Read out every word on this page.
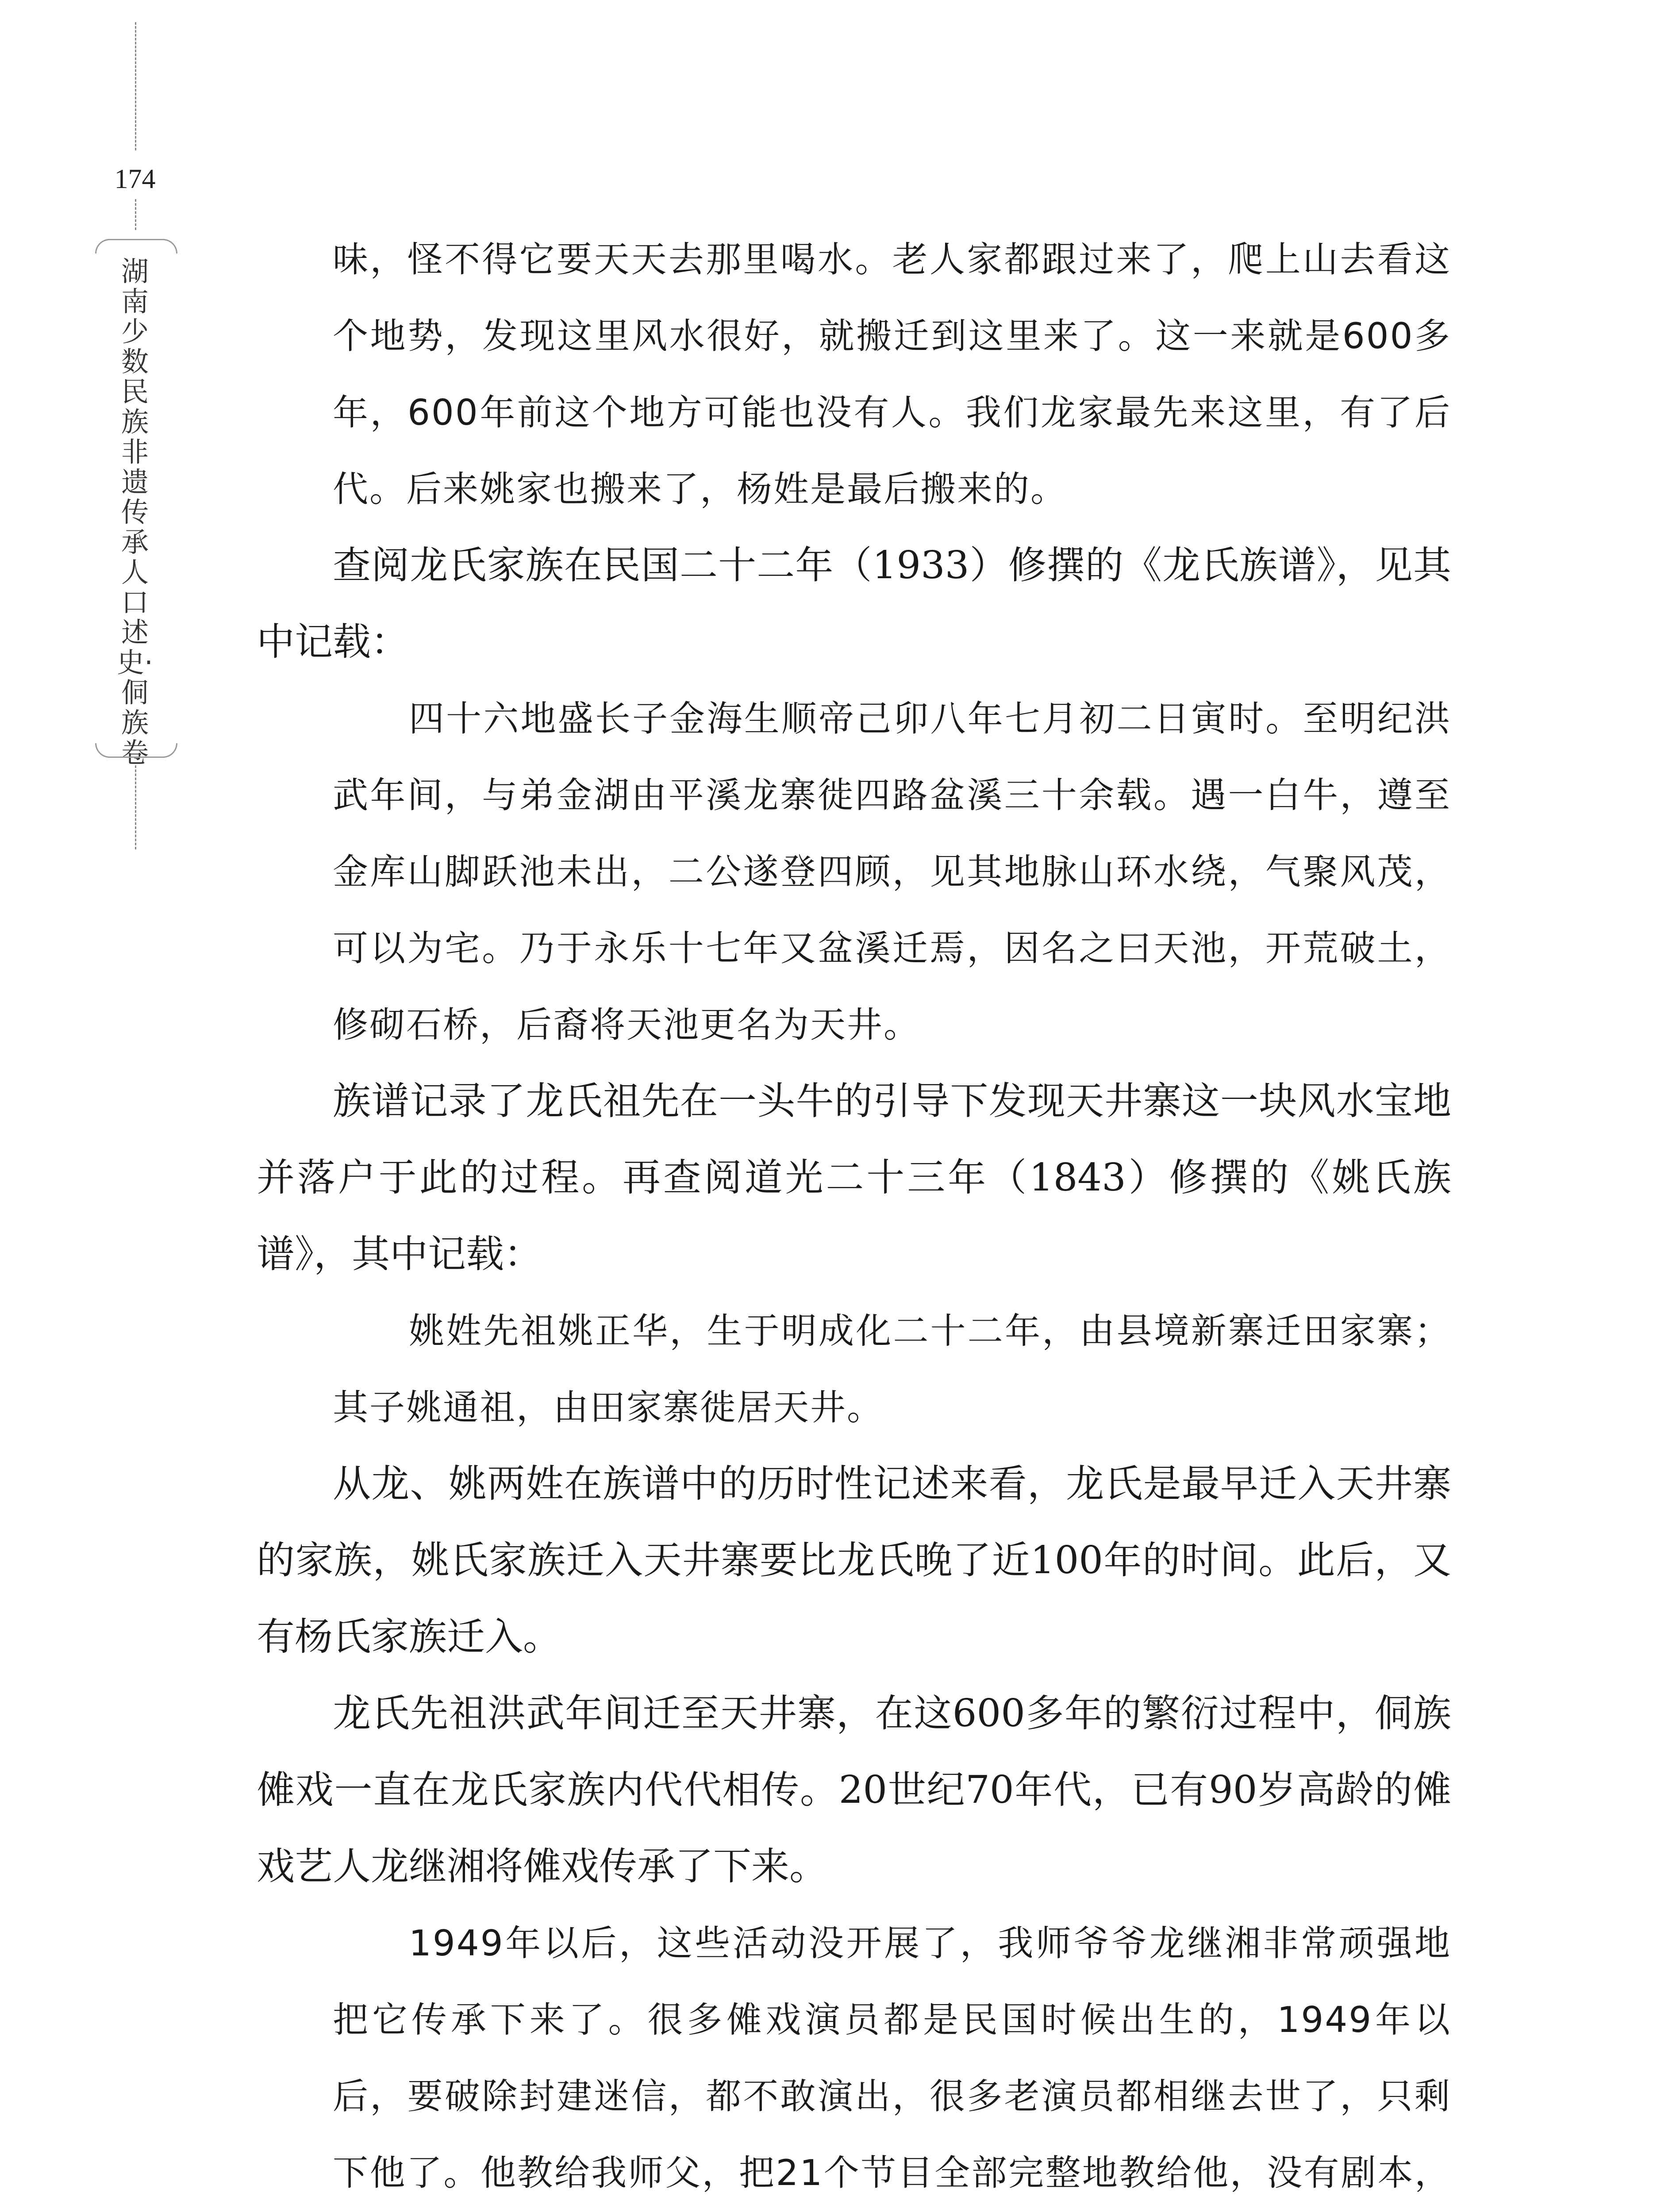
174
湖南少数民族非遗传承人口述史·侗族卷

味，怪不得它要天天去那里喝水。老人家都跟过来了，爬上山去看这个地势，发现这里风水很好，就搬迁到这里来了。这一来就是600多年，600年前这个地方可能也没有人。我们龙家最先来这里，有了后代。后来姚家也搬来了，杨姓是最后搬来的。

查阅龙氏家族在民国二十二年（1933）修撰的《龙氏族谱》，见其中记载：

四十六地盛长子金海生顺帝己卯八年七月初二日寅时。至明纪洪武年间，与弟金湖由平溪龙寨徙四路盆溪三十余载。遇一白牛，遵至金库山脚跃池未出，二公遂登四顾，见其地脉山环水绕，气聚风茂，可以为宅。乃于永乐十七年又盆溪迁焉，因名之曰天池，开荒破土，修砌石桥，后裔将天池更名为天井。

族谱记录了龙氏祖先在一头牛的引导下发现天井寨这一块风水宝地并落户于此的过程。再查阅道光二十三年（1843）修撰的《姚氏族谱》，其中记载：

姚姓先祖姚正华，生于明成化二十二年，由县境新寨迁田家寨；其子姚通祖，由田家寨徙居天井。

从龙、姚两姓在族谱中的历时性记述来看，龙氏是最早迁入天井寨的家族，姚氏家族迁入天井寨要比龙氏晚了近100年的时间。此后，又有杨氏家族迁入。

龙氏先祖洪武年间迁至天井寨，在这600多年的繁衍过程中，侗族傩戏一直在龙氏家族内代代相传。20世纪70年代，已有90岁高龄的傩戏艺人龙继湘将傩戏传承了下来。

1949年以后，这些活动没开展了，我师爷爷龙继湘非常顽强地把它传承下来了。很多傩戏演员都是民国时候出生的，1949年以后，要破除封建迷信，都不敢演出，很多老演员都相继去世了，只剩下他了。他教给我师父，把21个节目全部完整地教给他，没有剧本，
